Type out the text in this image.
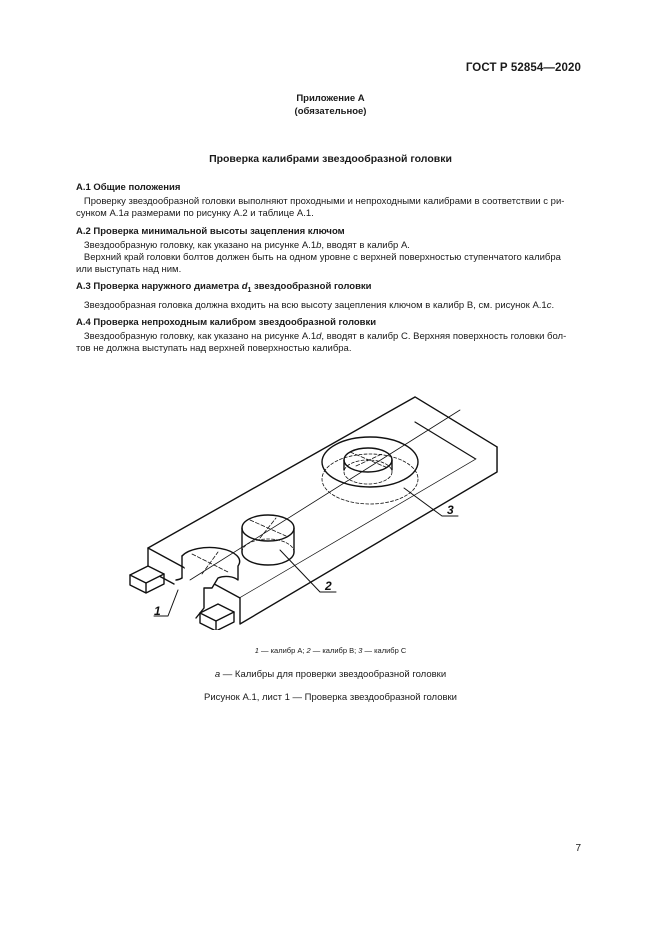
ГОСТ Р 52854—2020
Приложение А
(обязательное)
Проверка калибрами звездообразной головки
А.1 Общие положения

Проверку звездообразной головки выполняют проходными и непроходными калибрами в соответствии с ри-

сунком А.1a размерами по рисунку А.2 и таблице А.1.

А.2 Проверка минимальной высоты зацепления ключом

Звездообразную головку, как указано на рисунке А.1b, вводят в калибр А.

Верхний край головки болтов должен быть на одном уровне с верхней поверхностью ступенчатого калибра

или выступать над ним.

А.3 Проверка наружного диаметра $d_1$ звездообразной головки

Звездообразная головка должна входить на всю высоту зацепления ключом в калибр В, см. рисунок А.1c.

А.4 Проверка непроходным калибром звездообразной головки

Звездообразную головку, как указано на рисунке А.1d, вводят в калибр С. Верхняя поверхность головки бол-

тов не должна выступать над верхней поверхностью калибра.

1
2
3
1 — калибр А; 2 — калибр В; 3 — калибр С
a — Калибры для проверки звездообразной головки
Рисунок А.1, лист 1 — Проверка звездообразной головки
7
